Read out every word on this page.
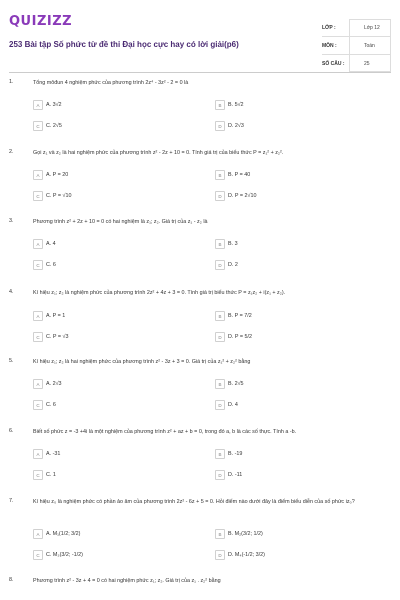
QUIZIZZ
253 Bài tập Số phức từ đề thi Đại học cực hay có lời giải(p6)
LỚP :	Lớp 12
MÔN :	Toán
SỐ CÂU :	25
1.	Tổng môđun 4 nghiệm phức của phương trình 2z⁴ - 3z² - 2 = 0 là
A	A. 3√2	B	B. 5√2
C	C. 2√5	D	D. 2√3
2.	Gọi z₁ và z₂ là hai nghiệm phức của phương trình z² - 2z + 10 = 0. Tính giá trị của biểu thức P = z₁² + z₂².
A	A. P = 20	B	B. P = 40
C	C. P = √10	D	D. P = 2√10
3.	Phương trình z² + 2z + 10 = 0 có hai nghiệm là z₁; z₂. Giá trị của z₁ - z₂ là
A	A. 4	B	B. 3
C	C. 6	D	D. 2
4.	Kí hiệu z₁; z₂ là nghiệm phức của phương trình 2z² + 4z + 3 = 0. Tính giá trị biểu thức P = z₁z₂ + i(z₁ + z₂).
A	A. P = 1	B	B. P = 7/2
C	C. P = √3	D	D. P = 5/2
5.	Kí hiệu z₁; z₂ là hai nghiệm phức của phương trình z² - 3z + 3 = 0. Giá trị của z₁² + z₂² bằng
A	A. 2√3	B	B. 2√5
C	C. 6	D	D. 4
6.	Biết số phức z = -3 +4i là một nghiệm của phương trình z² + az + b = 0, trong đó a, b là các số thực. Tính a -b.
A	A. -31	B	B. -19
C	C. 1	D	D. -11
7.	Kí hiệu z₀ là nghiệm phức có phần ảo âm của phương trình 2z² - 6z + 5 = 0. Hỏi điểm nào dưới đây là điểm biểu diễn của số phức iz₀?
A	A. M₁(1/2; 3/2)	B	B. M₂(3/2; 1/2)
C	C. M₃(3/2; -1/2)	D	D. M₄(-1/2; 3/2)
8.	Phương trình z² - 3z + 4 = 0 có hai nghiệm phức z₁; z₂. Giá trị của z₁ . z₂² bằng
